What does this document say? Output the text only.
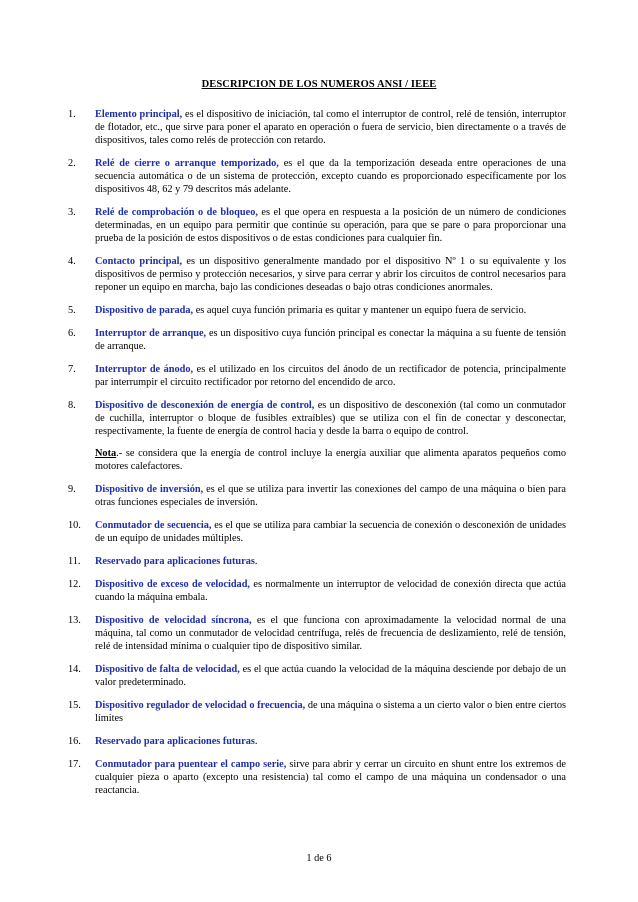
DESCRIPCION DE LOS NUMEROS ANSI / IEEE
1. Elemento principal, es el dispositivo de iniciación, tal como el interruptor de control, relé de tensión, interruptor de flotador, etc., que sirve para poner el aparato en operación o fuera de servicio, bien directamente o a través de dispositivos, tales como relés de protección con retardo.
2. Relé de cierre o arranque temporizado, es el que da la temporización deseada entre operaciones de una secuencia automática o de un sistema de protección, excepto cuando es proporcionado específicamente por los dispositivos 48, 62 y 79 descritos más adelante.
3. Relé de comprobación o de bloqueo, es el que opera en respuesta a la posición de un número de condiciones determinadas, en un equipo para permitir que continúe su operación, para que se pare o para proporcionar una prueba de la posición de estos dispositivos o de estas condiciones para cualquier fin.
4. Contacto principal, es un dispositivo generalmente mandado por el dispositivo Nº 1 o su equivalente y los dispositivos de permiso y protección necesarios, y sirve para cerrar y abrir los circuitos de control necesarios para reponer un equipo en marcha, bajo las condiciones deseadas o bajo otras condiciones anormales.
5. Dispositivo de parada, es aquel cuya función primaria es quitar y mantener un equipo fuera de servicio.
6. Interruptor de arranque, es un dispositivo cuya función principal es conectar la máquina a su fuente de tensión de arranque.
7. Interruptor de ánodo, es el utilizado en los circuitos del ánodo de un rectificador de potencia, principalmente par interrumpir el circuito rectificador por retorno del encendido de arco.
8. Dispositivo de desconexión de energía de control, es un dispositivo de desconexión (tal como un conmutador de cuchilla, interruptor o bloque de fusibles extraíbles) que se utiliza con el fin de conectar y desconectar, respectivamente, la fuente de energía de control hacia y desde la barra o equipo de control.
Nota.- se considera que la energía de control incluye la energía auxiliar que alimenta aparatos pequeños como motores calefactores.
9. Dispositivo de inversión, es el que se utiliza para invertir las conexiones del campo de una máquina o bien para otras funciones especiales de inversión.
10. Conmutador de secuencia, es el que se utiliza para cambiar la secuencia de conexión o desconexión de unidades de un equipo de unidades múltiples.
11. Reservado para aplicaciones futuras.
12. Dispositivo de exceso de velocidad, es normalmente un interruptor de velocidad de conexión directa que actúa cuando la máquina embala.
13. Dispositivo de velocidad síncrona, es el que funciona con aproximadamente la velocidad normal de una máquina, tal como un conmutador de velocidad centrífuga, relés de frecuencia de deslizamiento, relé de tensión, relé de intensidad mínima o cualquier tipo de dispositivo similar.
14. Dispositivo de falta de velocidad, es el que actúa cuando la velocidad de la máquina desciende por debajo de un valor predeterminado.
15. Dispositivo regulador de velocidad o frecuencia, de una máquina o sistema a un cierto valor o bien entre ciertos límites
16. Reservado para aplicaciones futuras.
17. Conmutador para puentear el campo serie, sirve para abrir y cerrar un circuito en shunt entre los extremos de cualquier pieza o aparto (excepto una resistencia) tal como el campo de una máquina un condensador o una reactancia.
1 de 6
